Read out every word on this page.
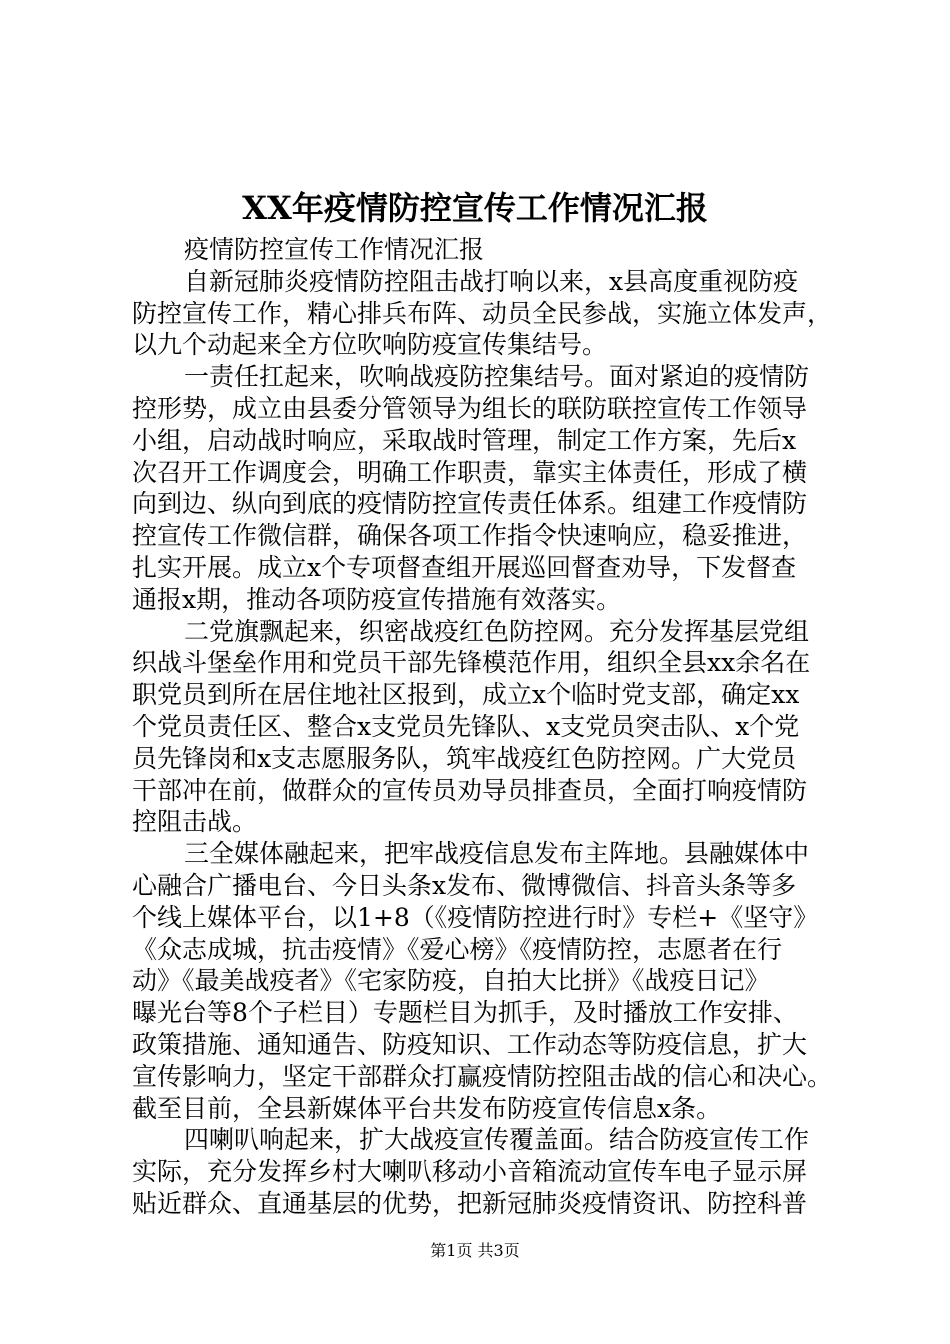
XX年疫情防控宣传工作情况汇报
疫情防控宣传工作情况汇报
自新冠肺炎疫情防控阻击战打响以来，x县高度重视防疫
防控宣传工作，精心排兵布阵、动员全民参战，实施立体发声，
以九个动起来全方位吹响防疫宣传集结号。
一责任扛起来，吹响战疫防控集结号。面对紧迫的疫情防
控形势，成立由县委分管领导为组长的联防联控宣传工作领导
小组，启动战时响应，采取战时管理，制定工作方案，先后x
次召开工作调度会，明确工作职责，靠实主体责任，形成了横
向到边、纵向到底的疫情防控宣传责任体系。组建工作疫情防
控宣传工作微信群，确保各项工作指令快速响应，稳妥推进，
扎实开展。成立x个专项督查组开展巡回督查劝导，下发督查
通报x期，推动各项防疫宣传措施有效落实。
二党旗飘起来，织密战疫红色防控网。充分发挥基层党组
织战斗堡垒作用和党员干部先锋模范作用，组织全县xx余名在
职党员到所在居住地社区报到，成立x个临时党支部，确定xx
个党员责任区、整合x支党员先锋队、x支党员突击队、x个党
员先锋岗和x支志愿服务队，筑牢战疫红色防控网。广大党员
干部冲在前，做群众的宣传员劝导员排查员，全面打响疫情防
控阻击战。
三全媒体融起来，把牢战疫信息发布主阵地。县融媒体中
心融合广播电台、今日头条x发布、微博微信、抖音头条等多
个线上媒体平台，以1+8（《疫情防控进行时》专栏+《坚守》
《众志成城，抗击疫情》《爱心榜》《疫情防控，志愿者在行
动》《最美战疫者》《宅家防疫，自拍大比拼》《战疫日记》
曝光台等8个子栏目）专题栏目为抓手，及时播放工作安排、
政策措施、通知通告、防疫知识、工作动态等防疫信息，扩大
宣传影响力，坚定干部群众打赢疫情防控阻击战的信心和决心。
截至目前，全县新媒体平台共发布防疫宣传信息x条。
四喇叭响起来，扩大战疫宣传覆盖面。结合防疫宣传工作
实际，充分发挥乡村大喇叭移动小音箱流动宣传车电子显示屏
贴近群众、直通基层的优势，把新冠肺炎疫情资讯、防控科普
第1页 共3页
